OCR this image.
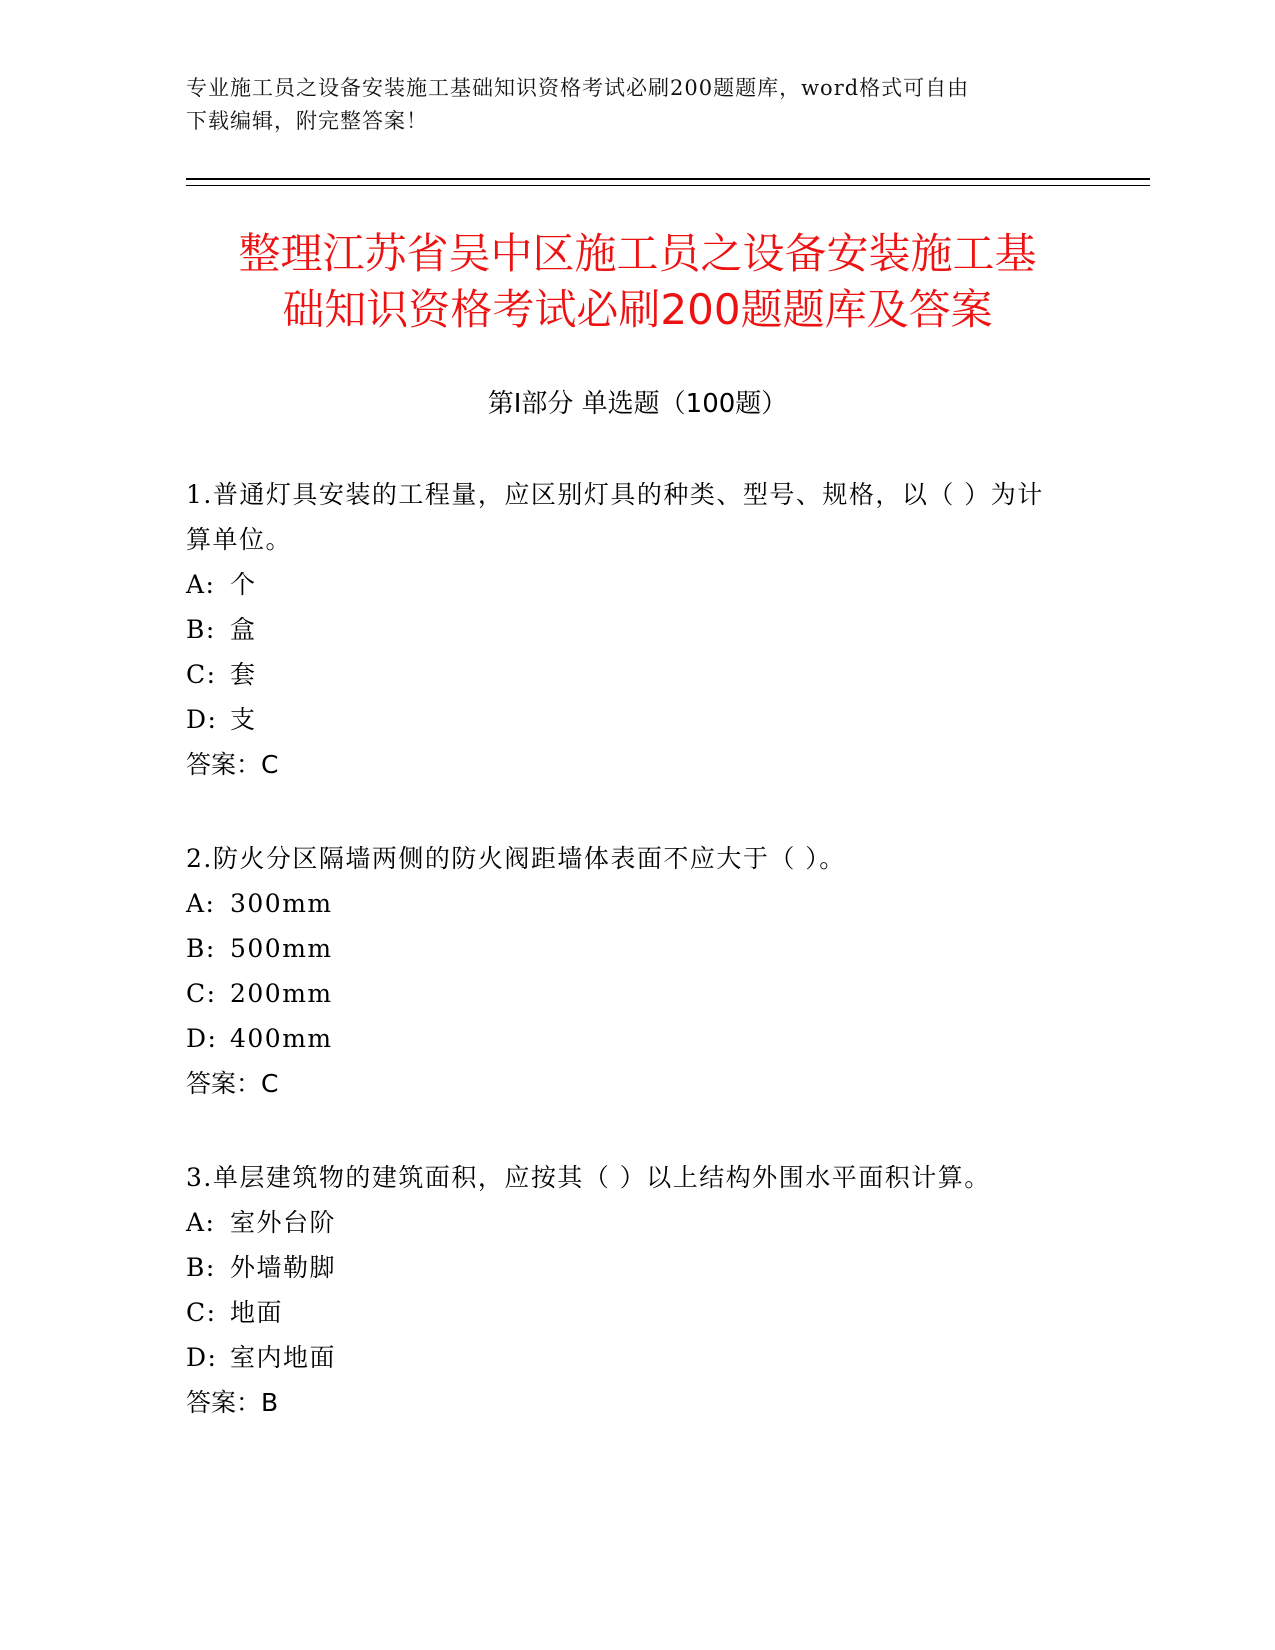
专业施工员之设备安装施工基础知识资格考试必刷200题题库，word格式可自由
下载编辑，附完整答案！
整理江苏省吴中区施工员之设备安装施工基
础知识资格考试必刷200题题库及答案
第Ⅰ部分 单选题（100题）

1.普通灯具安装的工程量，应区别灯具的种类、型号、规格，以（ ）为计算单位。

A: 个

B: 盒

C: 套

D: 支

答案：C

2.防火分区隔墙两侧的防火阀距墙体表面不应大于（ ）。

A: 300mm

B: 500mm

C: 200mm

D: 400mm

答案：C

3.单层建筑物的建筑面积，应按其（ ）以上结构外围水平面积计算。

A: 室外台阶

B: 外墙勒脚

C: 地面

D: 室内地面

答案：B
